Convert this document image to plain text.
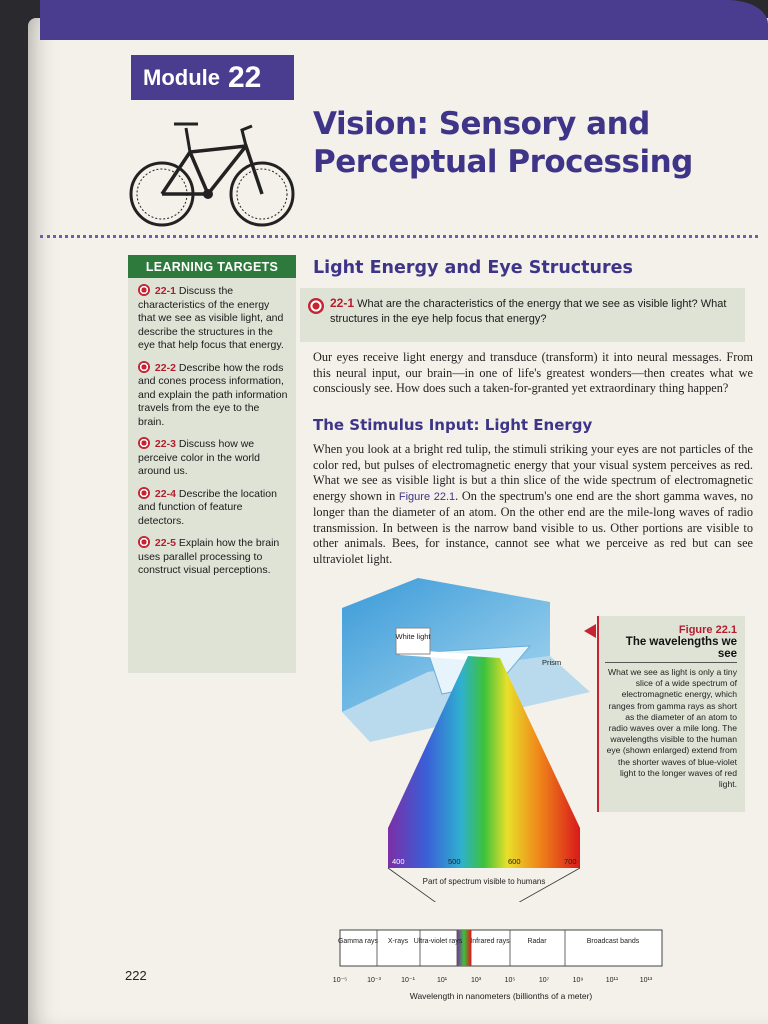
Module 22
Vision: Sensory and Perceptual Processing
LEARNING TARGETS
22-1 Discuss the characteristics of the energy that we see as visible light, and describe the structures in the eye that help focus that energy.
22-2 Describe how the rods and cones process information, and explain the path information travels from the eye to the brain.
22-3 Discuss how we perceive color in the world around us.
22-4 Describe the location and function of feature detectors.
22-5 Explain how the brain uses parallel processing to construct visual perceptions.
Light Energy and Eye Structures
22-1 What are the characteristics of the energy that we see as visible light? What structures in the eye help focus that energy?
Our eyes receive light energy and transduce (transform) it into neural messages. From this neural input, our brain—in one of life's greatest wonders—then creates what we consciously see. How does such a taken-for-granted yet extraordinary thing happen?
The Stimulus Input: Light Energy
When you look at a bright red tulip, the stimuli striking your eyes are not particles of the color red, but pulses of electromagnetic energy that your visual system perceives as red. What we see as visible light is but a thin slice of the wide spectrum of electromagnetic energy shown in Figure 22.1. On the spectrum's one end are the short gamma waves, no longer than the diameter of an atom. On the other end are the mile-long waves of radio transmission. In between is the narrow band visible to us. Other portions are visible to other animals. Bees, for instance, cannot see what we perceive as red but can see ultraviolet light.
White light
Prism
400	500	600	700
Part of spectrum visible to humans
Figure 22.1
The wavelengths we see
What we see as light is only a tiny slice of a wide spectrum of electromagnetic energy, which ranges from gamma rays as short as the diameter of an atom to radio waves over a mile long. The wavelengths visible to the human eye (shown enlarged) extend from the shorter waves of blue-violet light to the longer waves of red light.
Gamma rays X-rays Ultra-violet rays Infrared rays	Radar	Broadcast bands
10⁻⁵	10⁻³	10⁻¹	10¹	10³	10⁵	10⁷	10⁹	10¹¹	10¹³
Wavelength in nanometers (billionths of a meter)
222
